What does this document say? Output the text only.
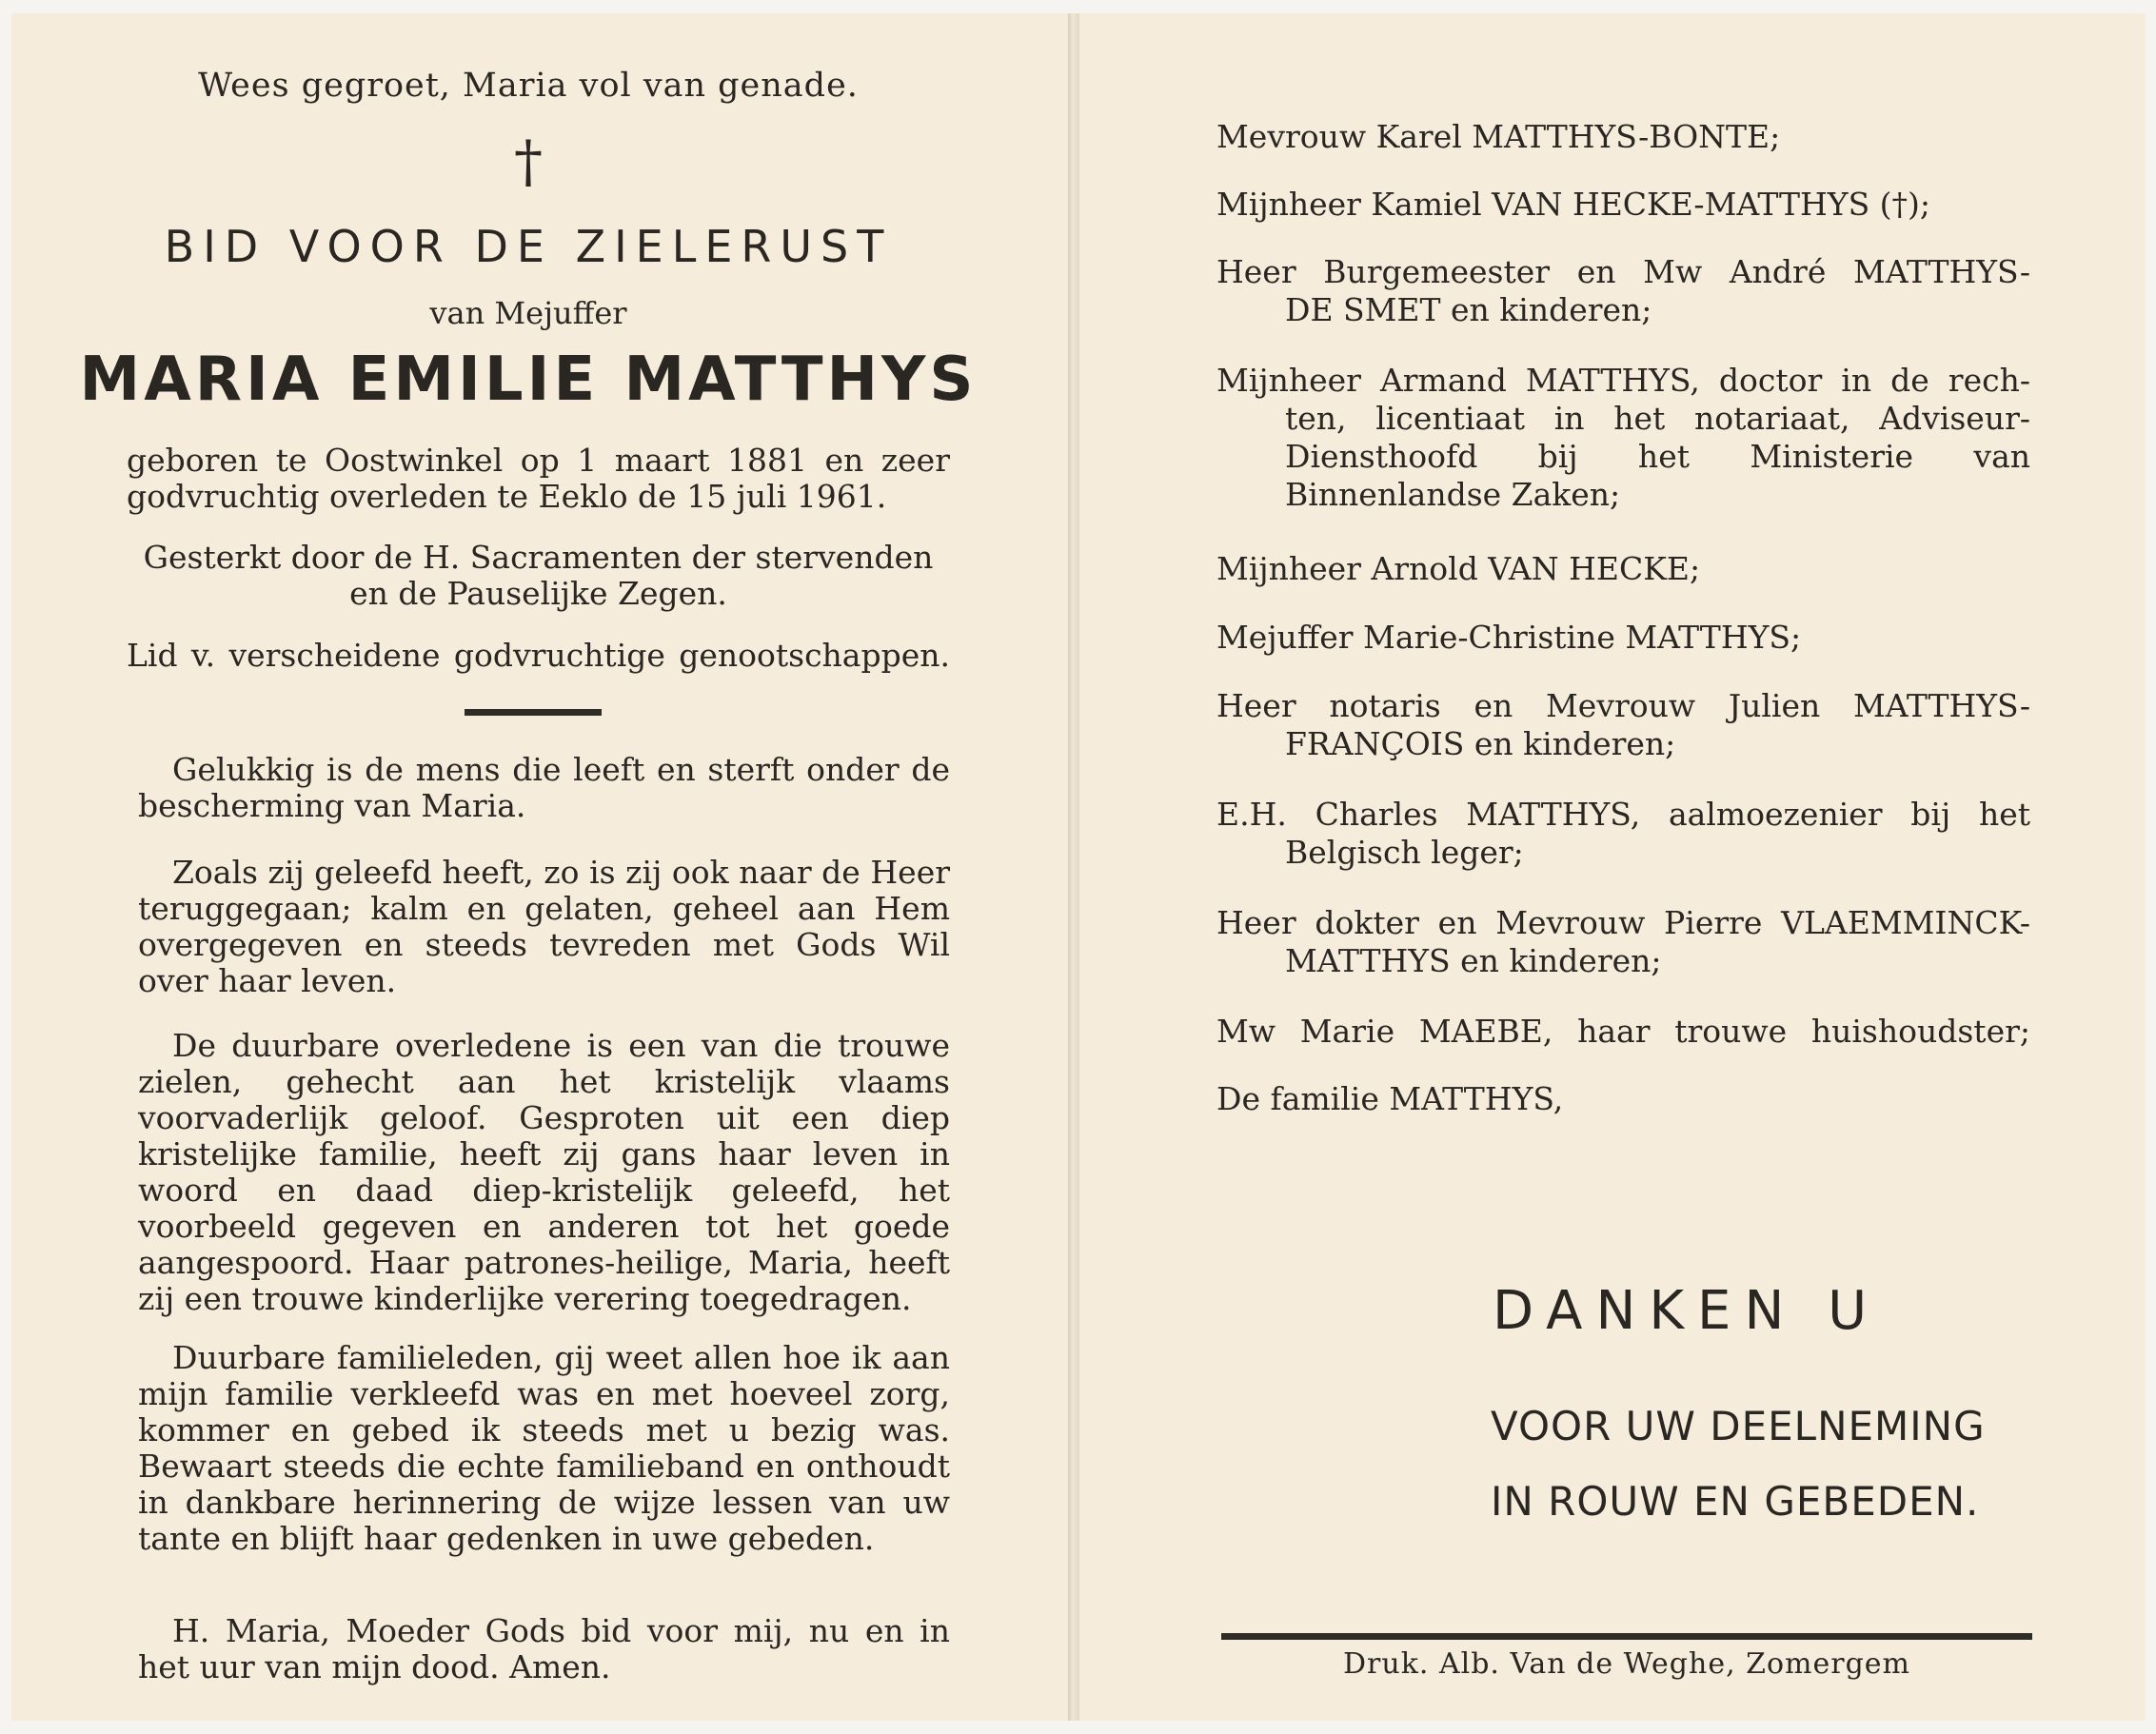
Wees gegroet, Maria vol van genade.
†
BID VOOR DE ZIELERUST
van Mejuffer
MARIA EMILIE MATTHYS
geboren te Oostwinkel op 1 maart 1881 en zeer godvruchtig overleden te Eeklo de 15 juli 1961.
Gesterkt door de H. Sacramenten der stervenden en de Pauselijke Zegen.
Lid v. verscheidene godvruchtige genootschappen.
Gelukkig is de mens die leeft en sterft onder de bescherming van Maria.
Zoals zij geleefd heeft, zo is zij ook naar de Heer teruggegaan; kalm en gelaten, geheel aan Hem overgegeven en steeds tevreden met Gods Wil over haar leven.
De duurbare overledene is een van die trouwe zielen, gehecht aan het kristelijk vlaams voorvaderlijk geloof. Gesproten uit een diep kristelijke familie, heeft zij gans haar leven in woord en daad diep-kristelijk geleefd, het voorbeeld gegeven en anderen tot het goede aangespoord. Haar patrones-heilige, Maria, heeft zij een trouwe kinderlijke verering toegedragen.
Duurbare familieleden, gij weet allen hoe ik aan mijn familie verkleefd was en met hoeveel zorg, kommer en gebed ik steeds met u bezig was. Bewaart steeds die echte familieband en onthoudt in dankbare herinnering de wijze lessen van uw tante en blijft haar gedenken in uwe gebeden.
H. Maria, Moeder Gods bid voor mij, nu en in het uur van mijn dood. Amen.
Mevrouw Karel MATTHYS-BONTE;
Mijnheer Kamiel VAN HECKE-MATTHYS (†);
Heer Burgemeester en Mw André MATTHYS-
DE SMET en kinderen;
Mijnheer Armand MATTHYS, doctor in de rech-
ten, licentiaat in het notariaat, Adviseur-Diensthoofd bij het Ministerie van Binnenlandse Zaken;
Mijnheer Arnold VAN HECKE;
Mejuffer Marie-Christine MATTHYS;
Heer notaris en Mevrouw Julien MATTHYS-
FRANÇOIS en kinderen;
E.H. Charles MATTHYS, aalmoezenier bij het
Belgisch leger;
Heer dokter en Mevrouw Pierre VLAEMMINCK-
MATTHYS en kinderen;
Mw Marie MAEBE, haar trouwe huishoudster;
De familie MATTHYS,
DANKEN U
VOOR UW DEELNEMING
IN ROUW EN GEBEDEN.
Druk. Alb. Van de Weghe, Zomergem
